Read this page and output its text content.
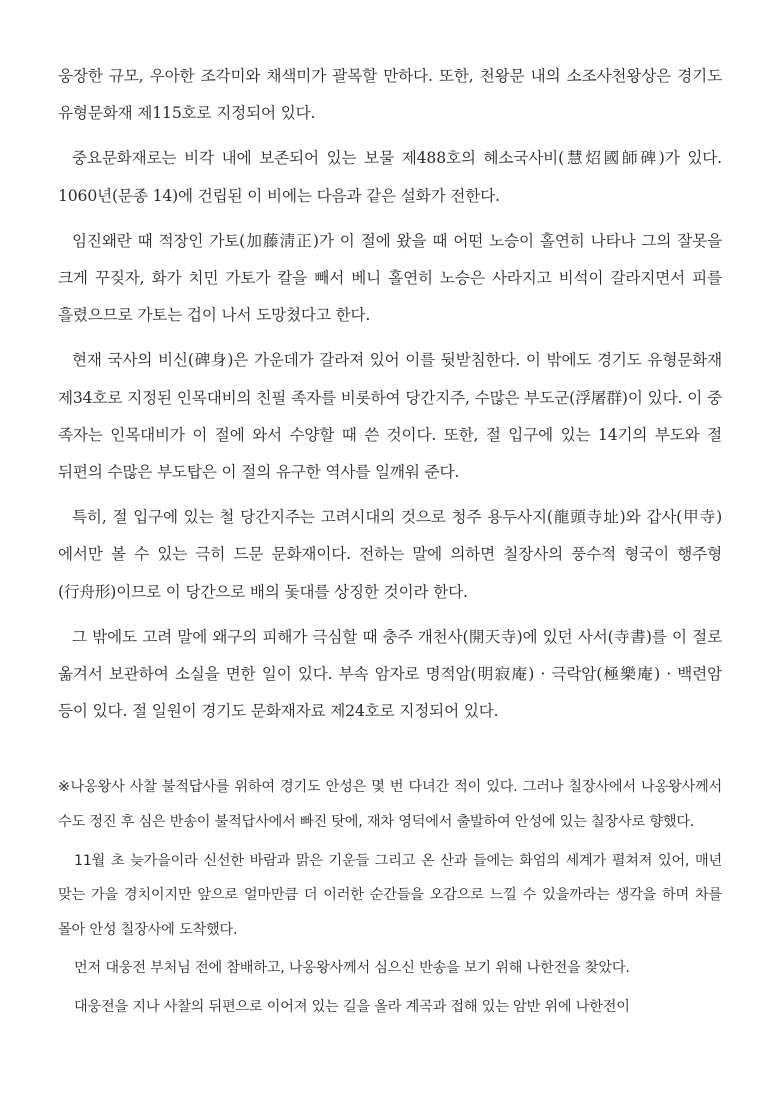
웅장한 규모, 우아한 조각미와 채색미가 괄목할 만하다. 또한, 천왕문 내의 소조사천왕상은 경기도 유형문화재 제115호로 지정되어 있다.

중요문화재로는 비각 내에 보존되어 있는 보물 제488호의 혜소국사비(慧炤國師碑)가 있다. 1060년(문종 14)에 건립된 이 비에는 다음과 같은 설화가 전한다.

임진왜란 때 적장인 가토(加藤淸正)가 이 절에 왔을 때 어떤 노승이 홀연히 나타나 그의 잘못을 크게 꾸짖자, 화가 치민 가토가 칼을 빼서 베니 홀연히 노승은 사라지고 비석이 갈라지면서 피를 흘렸으므로 가토는 겁이 나서 도망쳤다고 한다.

현재 국사의 비신(碑身)은 가운데가 갈라져 있어 이를 뒷받침한다. 이 밖에도 경기도 유형문화재 제34호로 지정된 인목대비의 친필 족자를 비롯하여 당간지주, 수많은 부도군(浮屠群)이 있다. 이 중 족자는 인목대비가 이 절에 와서 수양할 때 쓴 것이다. 또한, 절 입구에 있는 14기의 부도와 절 뒤편의 수많은 부도탑은 이 절의 유구한 역사를 일깨워 준다.

특히, 절 입구에 있는 철 당간지주는 고려시대의 것으로 청주 용두사지(龍頭寺址)와 갑사(甲寺)에서만 볼 수 있는 극히 드문 문화재이다. 전하는 말에 의하면 칠장사의 풍수적 형국이 행주형(行舟形)이므로 이 당간으로 배의 돛대를 상징한 것이라 한다.

그 밖에도 고려 말에 왜구의 피해가 극심할 때 충주 개천사(開天寺)에 있던 사서(寺書)를 이 절로 옮겨서 보관하여 소실을 면한 일이 있다. 부속 암자로 명적암(明寂庵) · 극락암(極樂庵) · 백련암 등이 있다. 절 일원이 경기도 문화재자료 제24호로 지정되어 있다.

※나옹왕사 사찰 불적답사를 위하여 경기도 안성은 몇 번 다녀간 적이 있다. 그러나 칠장사에서 나옹왕사께서 수도 정진 후 심은 반송이 불적답사에서 빠진 탓에, 재차 영덕에서 출발하여 안성에 있는 칠장사로 향했다.

11월 초 늦가을이라 신선한 바람과 맑은 기운들 그리고 온 산과 들에는 화엄의 세계가 펼쳐져 있어, 매년 맞는 가을 경치이지만 앞으로 얼마만큼 더 이러한 순간들을 오감으로 느낄 수 있을까라는 생각을 하며 차를 몰아 안성 칠장사에 도착했다.

먼저 대웅전 부처님 전에 참배하고, 나옹왕사께서 심으신 반송을 보기 위해 나한전을 찾았다.

대웅전을 지나 사찰의 뒤편으로 이어져 있는 길을 올라 계곡과 접해 있는 암반 위에 나한전이
